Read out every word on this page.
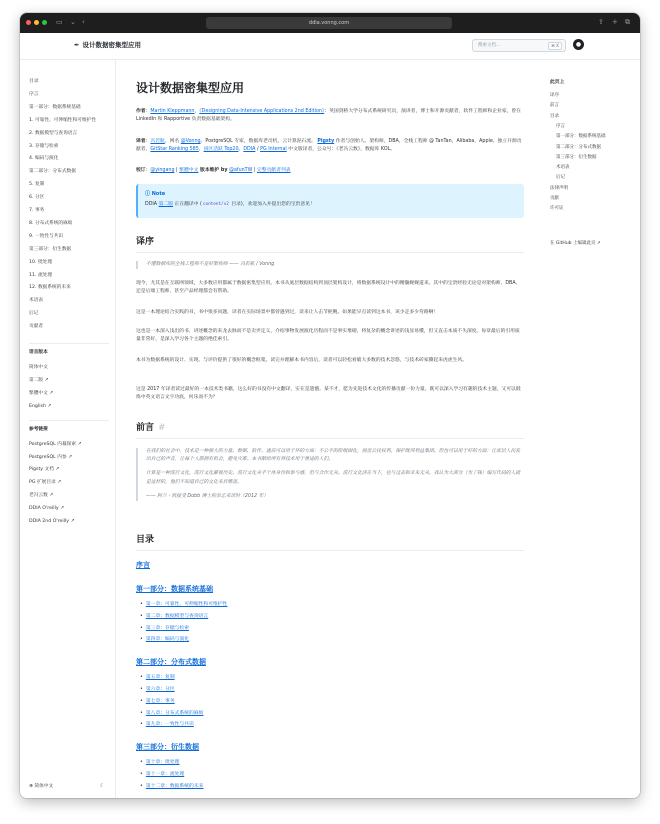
▭ ⌄ ‹	ddia.vonng.com	⇪ + ⧉
✒ 设计数据密集型应用	搜索文档...	⌘ K	●
目录
序言
第一部分：数据系统基础
1. 可靠性、可伸缩性和可维护性
2. 数据模型与查询语言
3. 存储与检索
4. 编码与演化
第二部分：分布式数据
5. 复制
6. 分区
7. 事务
8. 分布式系统的麻烦
9. 一致性与共识
第三部分：衍生数据
10. 批处理
11. 流处理
12. 数据系统的未来
术语表
后记
贡献者
语言版本
简体中文
第二版 ↗
繁體中文 ↗
English ↗
参考链接
PostgreSQL 内幕探索 ↗
PostgreSQL 内参 ↗
Pigsty 文档 ↗
PG 扩展目录 ↗
老冯云数 ↗
DDIA O'reilly ↗
DDIA 2nd O'reilly ↗
⊕ 简体中文	☾
设计数据密集型应用
作者：Martin Kleppmann，《Designing Data-Intensive Applications 2nd Edition》：英国剑桥大学分布式系统研究员，演讲者，博士和开源贡献者，软件工程师和企业家，曾在 LinkedIn 和 Rapportive 负责数据基础架构。
译者：冯若航，网名 @Vonng。PostgreSQL 专家，数据库老司机，云计算泥石流。 Pigsty 作者与创始人。架构师，DBA，全栈工程师 @ TanTan，Alibaba，Apple。独立开源贡献者，GitStar Ranking 585，国区活跃 Top20。DDIA / PG Internal 中文版译者，公众号：《老冯云数》，数据库 KOL。
校订：@yingang | 繁體中文 版本维护 by @afunTW | 完整贡献者列表
ⓘ Note
DDIA 第二版 正在翻译中 (content/v2 目录)，欢迎加入并提出您的宝贵意见！
译序
不懂数据库的全栈工程师不是好架构师 —— 冯若航 / Vonng
现今，尤其是在互联网领域，大多数应用都属于数据密集型应用。本书从底层数据结构到顶层架构设计，将数据系统设计中的精髓娓娓道来。其中的宝贵经验无论是对架构师、DBA、还是后端工程师、甚至产品经理都会有帮助。
这是一本理论结合实践的书，书中很多问题，译者在实际场景中都曾遇到过，读来让人击节扼腕。如果能早点读到这本书，该少走多少弯路啊！
这也是一本深入浅出的书，讲述概念的来龙去脉而不是卖弄定义，介绍事物发展演化历程而不是事实堆砌，将复杂的概念讲述的浅显易懂，但又直击本质不失深度。每章最后的引用质量非常好，是深入学习各个主题的绝佳索引。
本书为数据系统的设计、实现、与评价提供了很好的概念框架。读完并理解本书内容后，读者可以轻松看破大多数的技术忽悠，与技术砖家撕起来虎虎生风。
这是 2017 年译者读过最好的一本技术类书籍，这么好的书没有中文翻译，实在是遗憾。某不才，愿为先进技术文化的传播贡献一份力量。既可以深入学习有趣的技术主题，又可以锻炼中英文语言文字功底，何乐而不为？
前言 #
在我们的社会中，技术是一种强大的力量。数据、软件、通信可以用于坏的方面：不公平的阶级固化，损害公民权利，保护既得利益集团。但也可以用于好的方面：让底层人民发出自己的声音，让每个人都拥有机会，避免灾难。本书献给所有将技术用于善途的人们。
计算是一种流行文化，流行文化鄙视历史。流行文化关乎个体身份和参与感，但与合作无关。流行文化活在当下，也与过去和未来无关。我认为大部分（为了钱）编写代码的人就是这样的，他们不知道自己的文化来自哪里。
—— 阿兰・凯接受 Dobb 博士的杂志采访时（2012 年）
目录
序言
第一部分：数据系统基础
• 第一章：可靠性、可伸缩性和可维护性
• 第二章：数据模型与查询语言
• 第三章：存储与检索
• 第四章：编码与演化
第二部分：分布式数据
• 第五章：复制
• 第六章：分区
• 第七章：事务
• 第八章：分布式系统的麻烦
• 第九章：一致性与共识
第三部分：衍生数据
• 第十章：批处理
• 第十一章：流处理
• 第十二章：数据系统的未来
此页上
译序
前言
目录
序言
第一部分：数据系统基础
第二部分：分布式数据
第三部分：衍生数据
术语表
后记
法律声明
贡献
许可证
在 GitHub 上编辑此页 ↗
